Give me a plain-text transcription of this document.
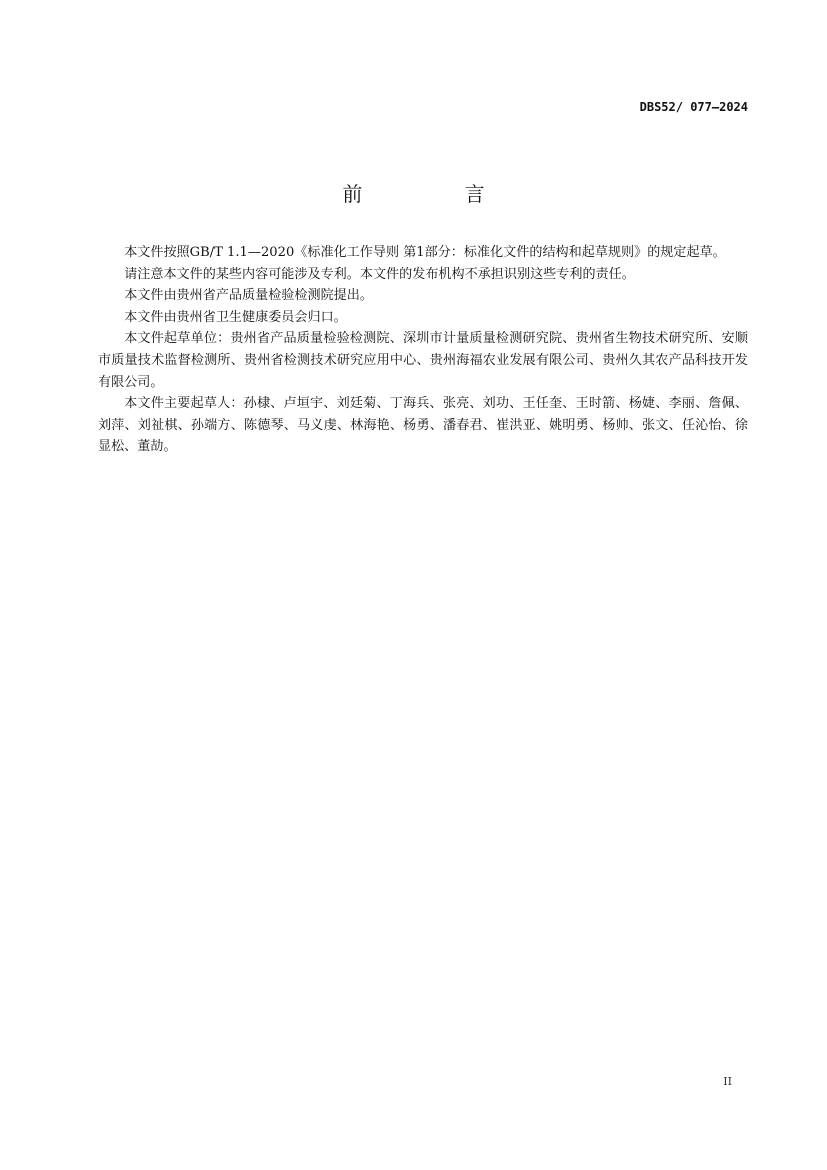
DBS52/ 077—2024
前 言

本文件按照GB/T 1.1—2020《标准化工作导则 第1部分：标准化文件的结构和起草规则》的规定起草。

请注意本文件的某些内容可能涉及专利。本文件的发布机构不承担识别这些专利的责任。

本文件由贵州省产品质量检验检测院提出。

本文件由贵州省卫生健康委员会归口。

本文件起草单位：贵州省产品质量检验检测院、深圳市计量质量检测研究院、贵州省生物技术研究所、安顺市质量技术监督检测所、贵州省检测技术研究应用中心、贵州海福农业发展有限公司、贵州久其农产品科技开发有限公司。

本文件主要起草人：孙棣、卢垣宇、刘廷菊、丁海兵、张亮、刘功、王任奎、王时箭、杨婕、李丽、詹佩、刘萍、刘祉棋、孙端方、陈德琴、马义虔、林海艳、杨勇、潘春君、崔洪亚、姚明勇、杨帅、张文、任沁怡、徐显松、董劼。

II
